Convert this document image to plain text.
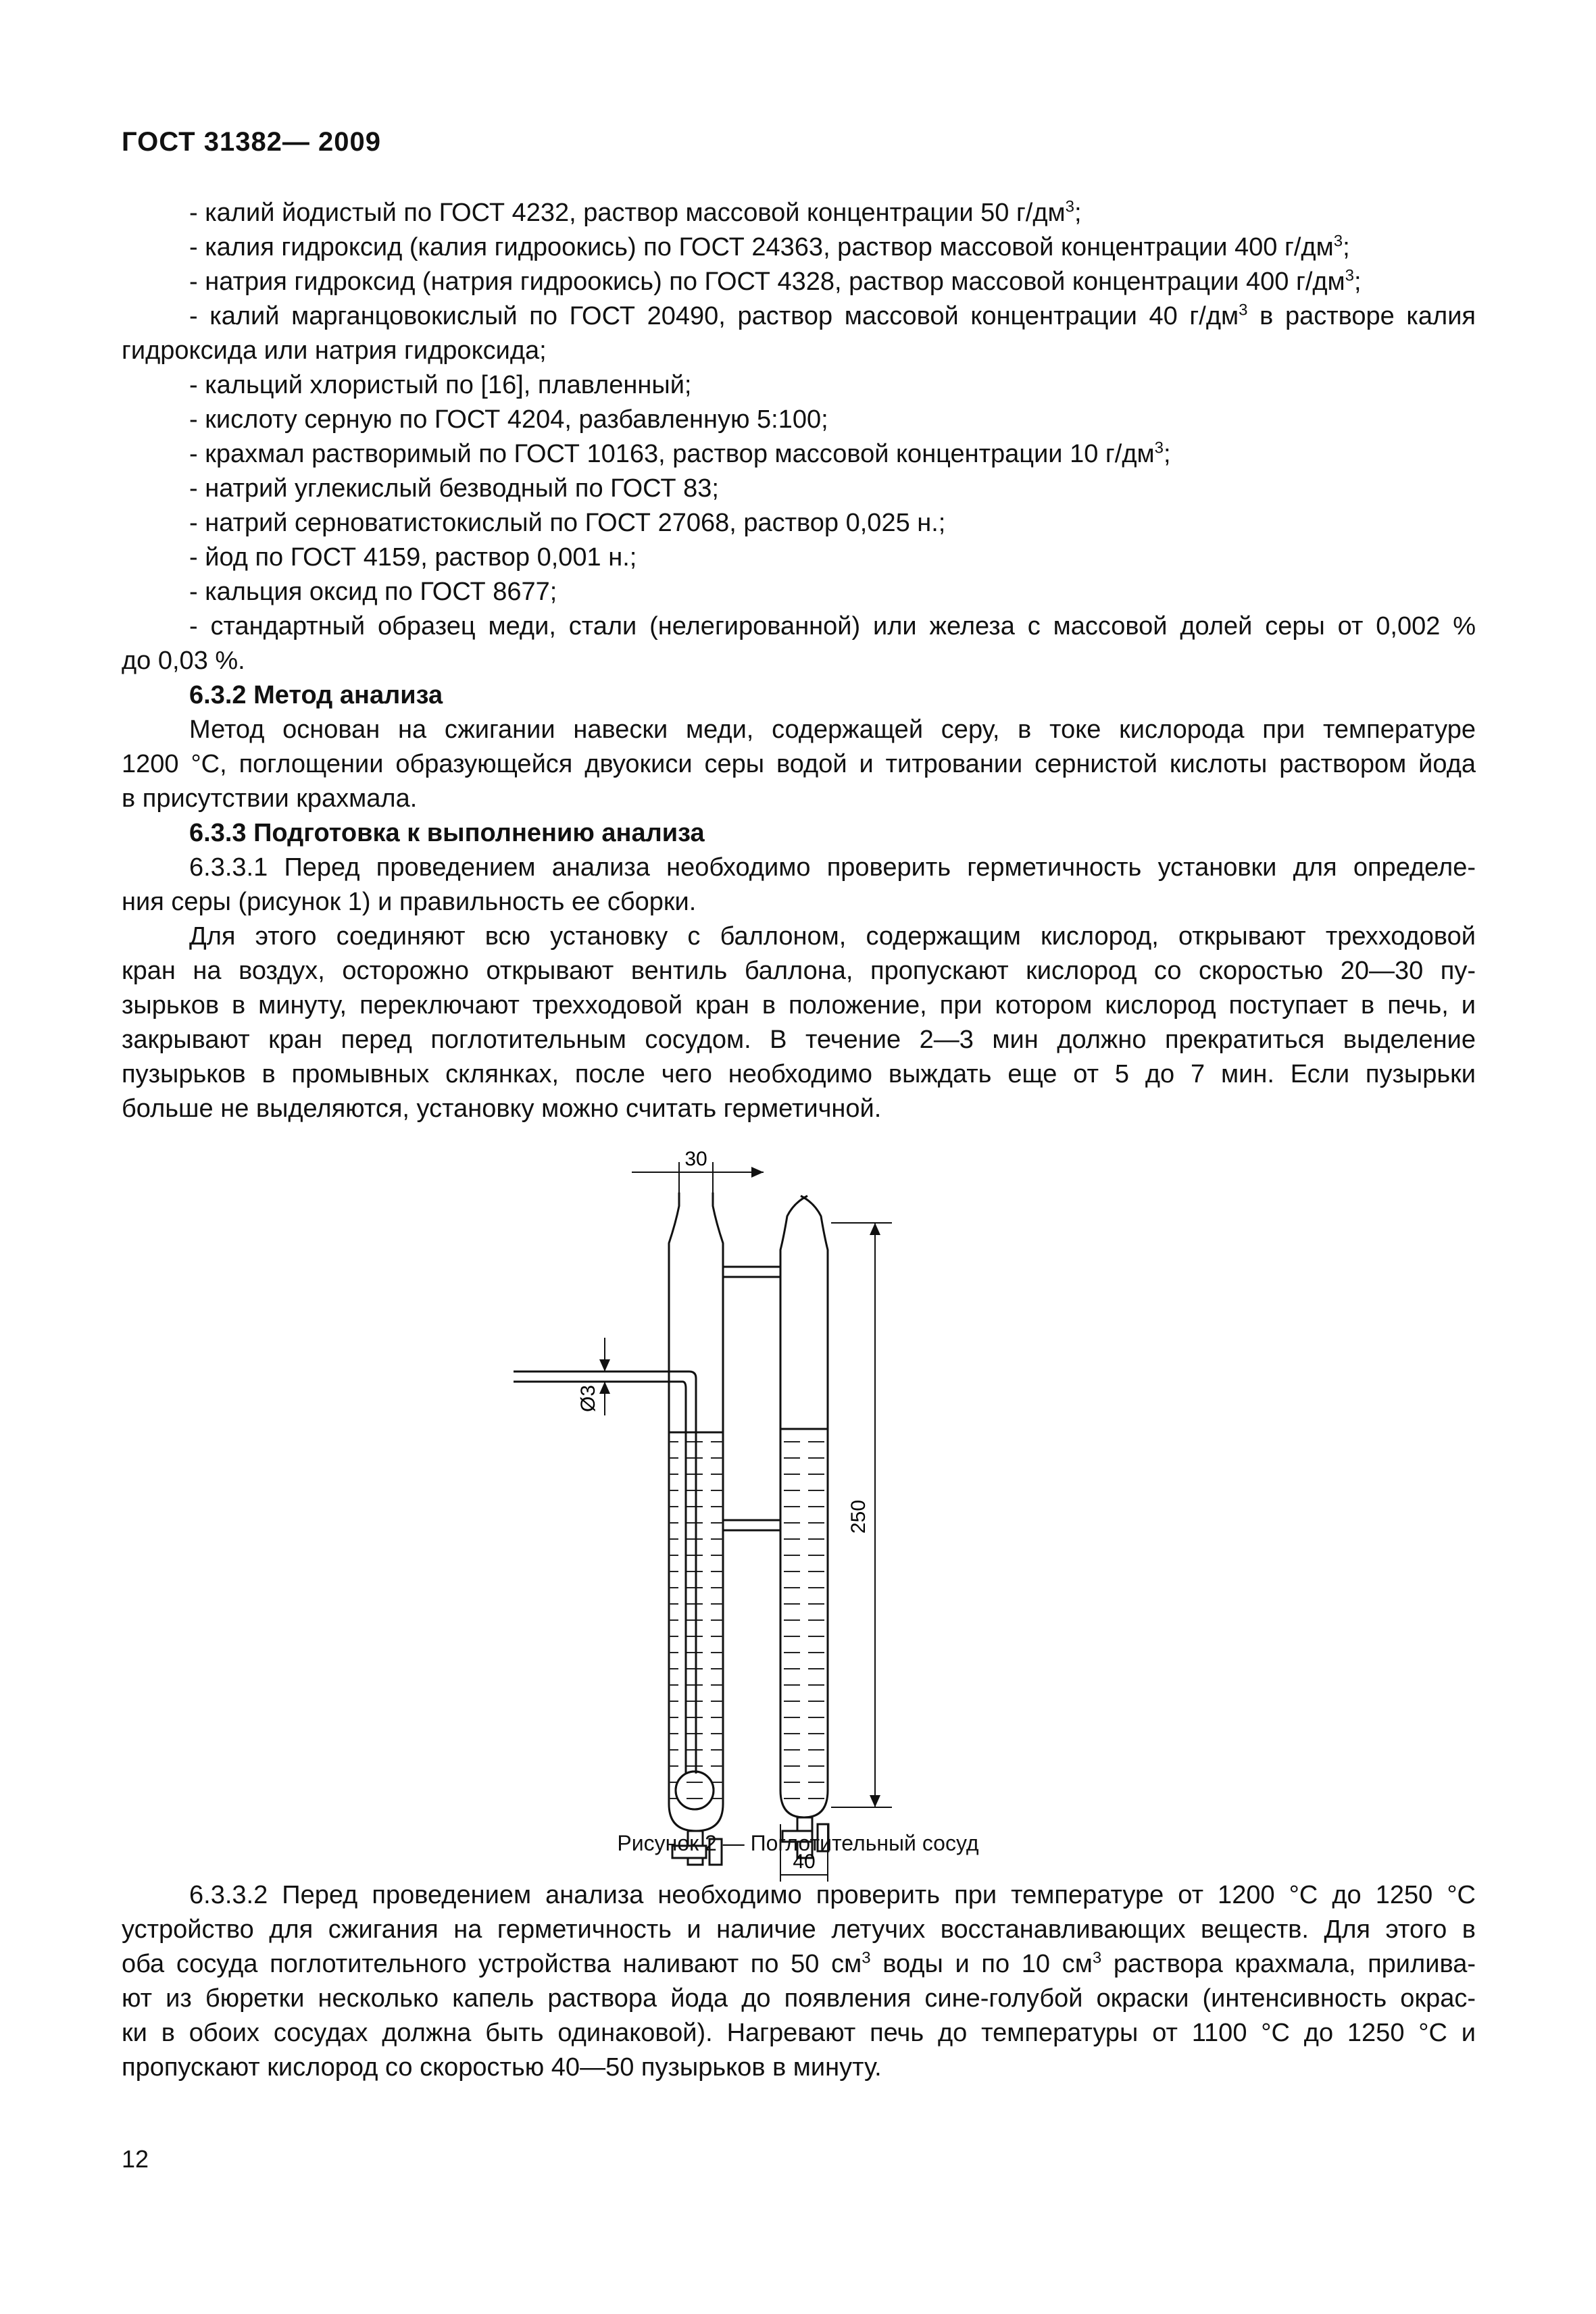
ГОСТ 31382— 2009
- калий йодистый по ГОСТ 4232, раствор массовой концентрации 50 $г/дм^3$;
- калия гидроксид (калия гидроокись) по ГОСТ 24363, раствор массовой концентрации 400 $г/дм^3$;
- натрия гидроксид (натрия гидроокись) по ГОСТ 4328, раствор массовой концентрации 400 $г/дм^3$;
- калий марганцовокислый по ГОСТ 20490, раствор массовой концентрации 40 $г/дм^3$ в растворе калия
гидроксида или натрия гидроксида;
- кальций хлористый по [16], плавленный;
- кислоту серную по ГОСТ 4204, разбавленную 5:100;
- крахмал растворимый по ГОСТ 10163, раствор массовой концентрации 10 $г/дм^3$;
- натрий углекислый безводный по ГОСТ 83;
- натрий серноватистокислый по ГОСТ 27068, раствор 0,025 н.;
- йод по ГОСТ 4159, раствор 0,001 н.;
- кальция оксид по ГОСТ 8677;
- стандартный образец меди, стали (нелегированной) или железа с массовой долей серы от 0,002 %
до 0,03 %.
6.3.2 Метод анализа
Метод основан на сжигании навески меди, содержащей серу, в токе кислорода при температуре
1200 °С, поглощении образующейся двуокиси серы водой и титровании сернистой кислоты раствором йода
в присутствии крахмала.
6.3.3 Подготовка к выполнению анализа
6.3.3.1 Перед проведением анализа необходимо проверить герметичность установки для определе-
ния серы (рисунок 1) и правильность ее сборки.
Для этого соединяют всю установку с баллоном, содержащим кислород, открывают трехходовой
кран на воздух, осторожно открывают вентиль баллона, пропускают кислород со скоростью 20—30 пу-
зырьков в минуту, переключают трехходовой кран в положение, при котором кислород поступает в печь, и
закрывают кран перед поглотительным сосудом. В течение 2—3 мин должно прекратиться выделение
пузырьков в промывных склянках, после чего необходимо выждать еще от 5 до 7 мин. Если пузырьки
больше не выделяются, установку можно считать герметичной.
30
Ø3
250
40
Рисунок 2 — Поглотительный сосуд
6.3.3.2 Перед проведением анализа необходимо проверить при температуре от 1200 °С до 1250 °С
устройство для сжигания на герметичность и наличие летучих восстанавливающих веществ. Для этого в
оба сосуда поглотительного устройства наливают по 50 $см^3$ воды и по 10 $см^3$ раствора крахмала, прилива-
ют из бюретки несколько капель раствора йода до появления сине-голубой окраски (интенсивность окрас-
ки в обоих сосудах должна быть одинаковой). Нагревают печь до температуры от 1100 °С до 1250 °С и
пропускают кислород со скоростью 40—50 пузырьков в минуту.
12
